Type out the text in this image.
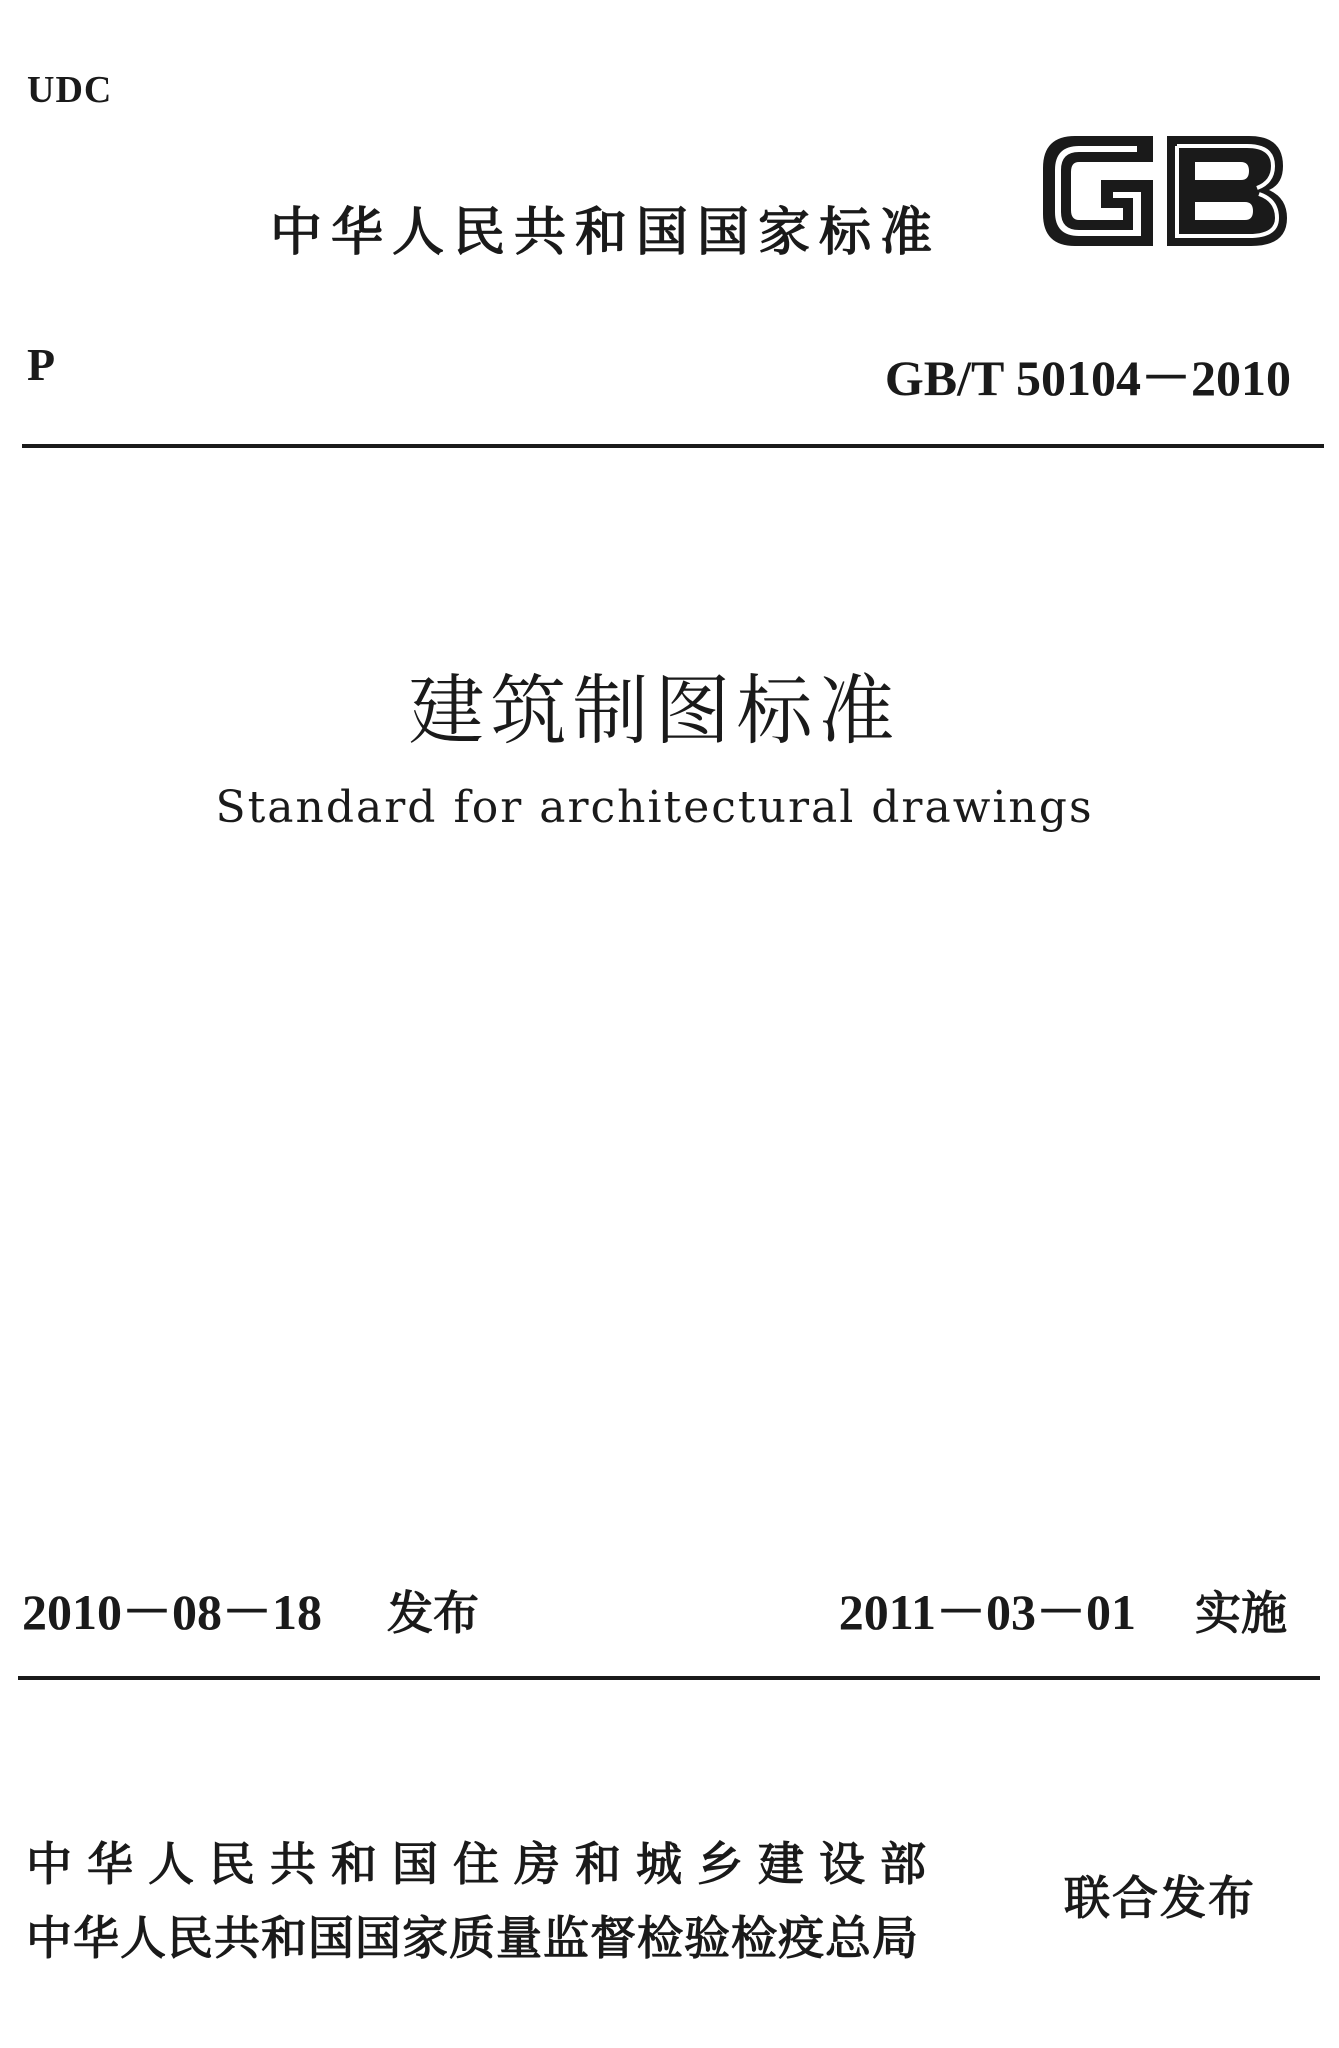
UDC
中华人民共和国国家标准
P	GB/T 50104－2010
建筑制图标准
Standard for architectural drawings
2010－08－18 发布	2011－03－01 实施
中华人民共和国住房和城乡建设部
中华人民共和国国家质量监督检验检疫总局
联合发布
